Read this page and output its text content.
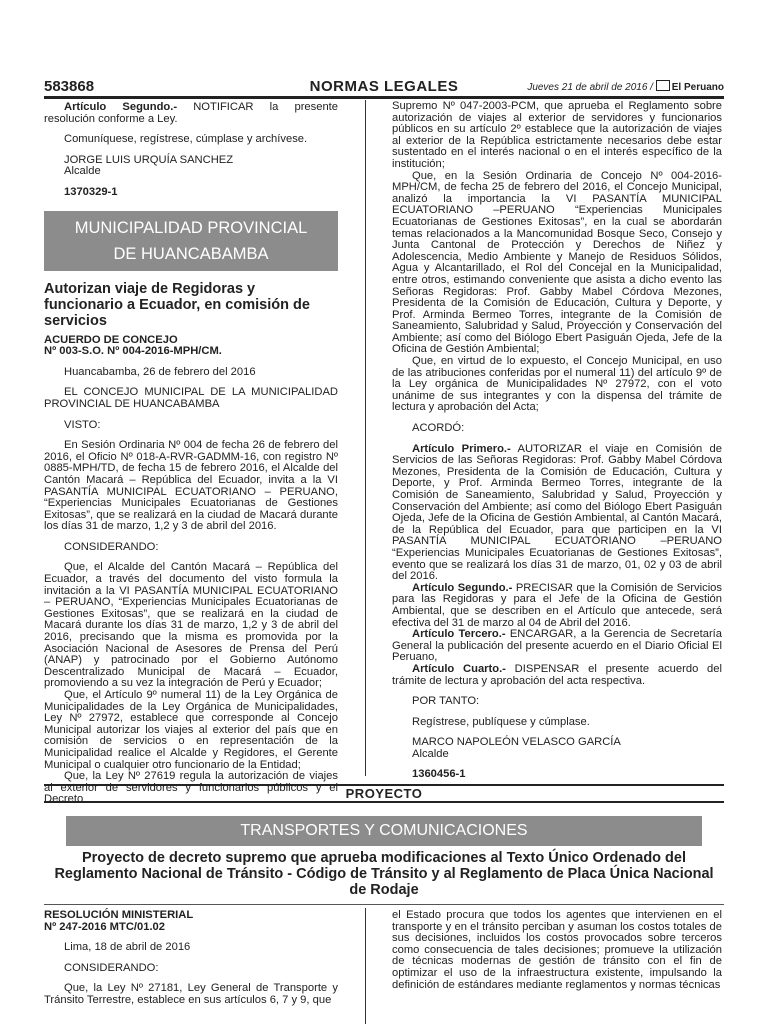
583868	NORMAS LEGALES	Jueves 21 de abril de 2016 / El Peruano

Artículo Segundo.- NOTIFICAR la presente resolución conforme a Ley.

Comuníquese, regístrese, cúmplase y archívese.

JORGE LUIS URQUÍA SANCHEZ

Alcalde

1370329-1

MUNICIPALIDAD PROVINCIAL
DE HUANCABAMBA
Autorizan viaje de Regidoras y funcionario a Ecuador, en comisión de servicios

ACUERDO DE CONCEJO

Nº 003-S.O. Nº 004-2016-MPH/CM.

Huancabamba, 26 de febrero del 2016

EL CONCEJO MUNICIPAL DE LA MUNICIPALIDAD PROVINCIAL DE HUANCABAMBA

VISTO:

En Sesión Ordinaria Nº 004 de fecha 26 de febrero del 2016, el Oficio Nº 018-A-RVR-GADMM-16, con registro Nº 0885-MPH/TD, de fecha 15 de febrero 2016, el Alcalde del Cantón Macará – República del Ecuador, invita a la VI PASANTÍA MUNICIPAL ECUATORIANO – PERUANO, “Experiencias Municipales Ecuatorianas de Gestiones Exitosas”, que se realizará en la ciudad de Macará durante los días 31 de marzo, 1,2 y 3 de abril del 2016.

CONSIDERANDO:

Que, el Alcalde del Cantón Macará – República del Ecuador, a través del documento del visto formula la invitación a la VI PASANTÍA MUNICIPAL ECUATORIANO – PERUANO, “Experiencias Municipales Ecuatorianas de Gestiones Exitosas”, que se realizará en la ciudad de Macará durante los días 31 de marzo, 1,2 y 3 de abril del 2016, precisando que la misma es promovida por la Asociación Nacional de Asesores de Prensa del Perú (ANAP) y patrocinado por el Gobierno Autónomo Descentralizado Municipal de Macará – Ecuador, promoviendo a su vez la integración de Perú y Ecuador;

Que, el Artículo 9º numeral 11) de la Ley Orgánica de Municipalidades de la Ley Orgánica de Municipalidades, Ley Nº 27972, establece que corresponde al Concejo Municipal autorizar los viajes al exterior del país que en comisión de servicios o en representación de la Municipalidad realice el Alcalde y Regidores, el Gerente Municipal o cualquier otro funcionario de la Entidad;

Que, la Ley Nº 27619 regula la autorización de viajes al exterior de servidores y funcionarios públicos y el Decreto

Supremo Nº 047-2003-PCM, que aprueba el Reglamento sobre autorización de viajes al exterior de servidores y funcionarios públicos en su artículo 2º establece que la autorización de viajes al exterior de la República estrictamente necesarios debe estar sustentado en el interés nacional o en el interés específico de la institución;

Que, en la Sesión Ordinaria de Concejo Nº 004-2016-MPH/CM, de fecha 25 de febrero del 2016, el Concejo Municipal, analizó la importancia la VI PASANTÍA MUNICIPAL ECUATORIANO –PERUANO “Experiencias Municipales Ecuatorianas de Gestiones Exitosas”, en la cual se abordarán temas relacionados a la Mancomunidad Bosque Seco, Consejo y Junta Cantonal de Protección y Derechos de Niñez y Adolescencia, Medio Ambiente y Manejo de Residuos Sólidos, Agua y Alcantarillado, el Rol del Concejal en la Municipalidad, entre otros, estimando conveniente que asista a dicho evento las Señoras Regidoras: Prof. Gabby Mabel Córdova Mezones, Presidenta de la Comisión de Educación, Cultura y Deporte, y Prof. Arminda Bermeo Torres, integrante de la Comisión de Saneamiento, Salubridad y Salud, Proyección y Conservación del Ambiente; así como del Biólogo Ebert Pasiguán Ojeda, Jefe de la Oficina de Gestión Ambiental;

Que, en virtud de lo expuesto, el Concejo Municipal, en uso de las atribuciones conferidas por el numeral 11) del artículo 9º de la Ley orgánica de Municipalidades Nº 27972, con el voto unánime de sus integrantes y con la dispensa del trámite de lectura y aprobación del Acta;

ACORDÓ:

Artículo Primero.- AUTORIZAR el viaje en Comisión de Servicios de las Señoras Regidoras: Prof. Gabby Mabel Córdova Mezones, Presidenta de la Comisión de Educación, Cultura y Deporte, y Prof. Arminda Bermeo Torres, integrante de la Comisión de Saneamiento, Salubridad y Salud, Proyección y Conservación del Ambiente; así como del Biólogo Ebert Pasiguán Ojeda, Jefe de la Oficina de Gestión Ambiental, al Cantón Macará, de la República del Ecuador, para que participen en la VI PASANTÍA MUNICIPAL ECUATORIANO –PERUANO “Experiencias Municipales Ecuatorianas de Gestiones Exitosas”, evento que se realizará los días 31 de marzo, 01, 02 y 03 de abril del 2016.

Artículo Segundo.- PRECISAR que la Comisión de Servicios para las Regidoras y para el Jefe de la Oficina de Gestión Ambiental, que se describen en el Artículo que antecede, será efectiva del 31 de marzo al 04 de Abril del 2016.

Artículo Tercero.- ENCARGAR, a la Gerencia de Secretaría General la publicación del presente acuerdo en el Diario Oficial El Peruano,

Artículo Cuarto.- DISPENSAR el presente acuerdo del trámite de lectura y aprobación del acta respectiva.

POR TANTO:

Regístrese, publíquese y cúmplase.

MARCO NAPOLEÓN VELASCO GARCÍA

Alcalde

1360456-1

PROYECTO
TRANSPORTES Y COMUNICACIONES
Proyecto de decreto supremo que aprueba modificaciones al Texto Único Ordenado del Reglamento Nacional de Tránsito - Código de Tránsito y al Reglamento de Placa Única Nacional de Rodaje

RESOLUCIÓN MINISTERIAL

Nº 247-2016 MTC/01.02

Lima, 18 de abril de 2016

CONSIDERANDO:

Que, la Ley Nº 27181, Ley General de Transporte y Tránsito Terrestre, establece en sus artículos 6, 7 y 9, que

el Estado procura que todos los agentes que intervienen en el transporte y en el tránsito perciban y asuman los costos totales de sus decisiones, incluidos los costos provocados sobre terceros como consecuencia de tales decisiones; promueve la utilización de técnicas modernas de gestión de tránsito con el fin de optimizar el uso de la infraestructura existente, impulsando la definición de estándares mediante reglamentos y normas técnicas
